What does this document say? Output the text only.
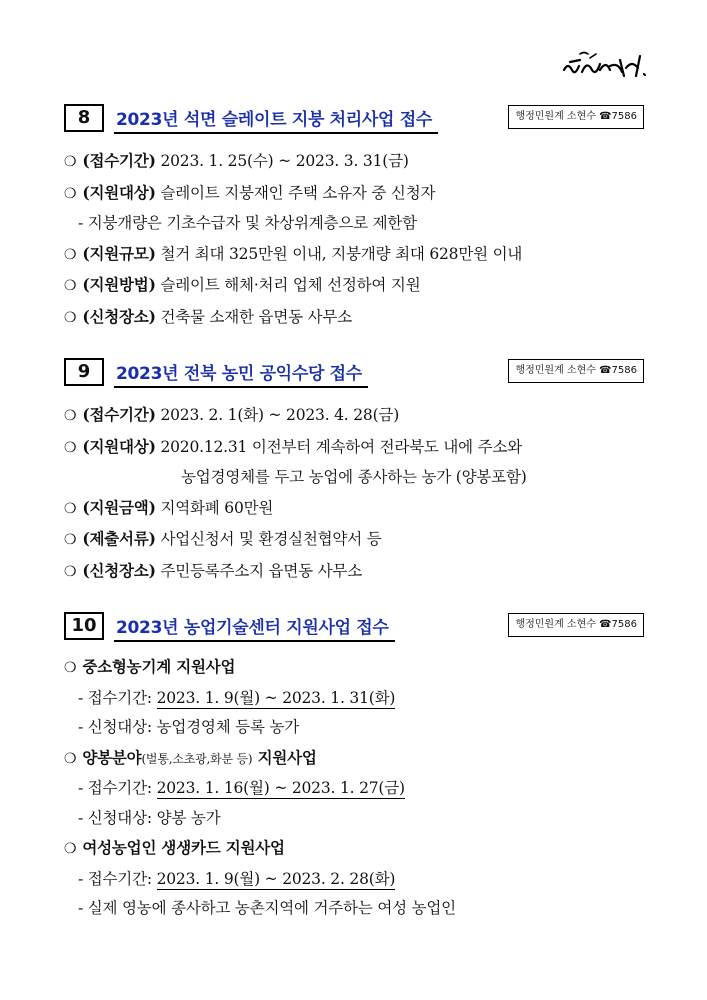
8	2023년 석면 슬레이트 지붕 처리사업 접수	행정민원계 소현수 ☎7586
❍ (접수기간) 2023. 1. 25(수) ~ 2023. 3. 31(금)
❍ (지원대상) 슬레이트 지붕재인 주택 소유자 중 신청자
- 지붕개량은 기초수급자 및 차상위계층으로 제한함
❍ (지원규모) 철거 최대 325만원 이내, 지붕개량 최대 628만원 이내
❍ (지원방법) 슬레이트 해체·처리 업체 선정하여 지원
❍ (신청장소) 건축물 소재한 읍면동 사무소
9	2023년 전북 농민 공익수당 접수	행정민원계 소현수 ☎7586
❍ (접수기간) 2023. 2. 1(화) ~ 2023. 4. 28(금)
❍ (지원대상) 2020.12.31 이전부터 계속하여 전라북도 내에 주소와
농업경영체를 두고 농업에 종사하는 농가 (양봉포함)
❍ (지원금액) 지역화폐 60만원
❍ (제출서류) 사업신청서 및 환경실천협약서 등
❍ (신청장소) 주민등록주소지 읍면동 사무소
10	2023년 농업기술센터 지원사업 접수	행정민원계 소현수 ☎7586
❍ 중소형농기계 지원사업
- 접수기간: 2023. 1. 9(월) ~ 2023. 1. 31(화)
- 신청대상: 농업경영체 등록 농가
❍ 양봉분야(벌통,소초광,화분 등) 지원사업
- 접수기간: 2023. 1. 16(월) ~ 2023. 1. 27(금)
- 신청대상: 양봉 농가
❍ 여성농업인 생생카드 지원사업
- 접수기간: 2023. 1. 9(월) ~ 2023. 2. 28(화)
- 실제 영농에 종사하고 농촌지역에 거주하는 여성 농업인
